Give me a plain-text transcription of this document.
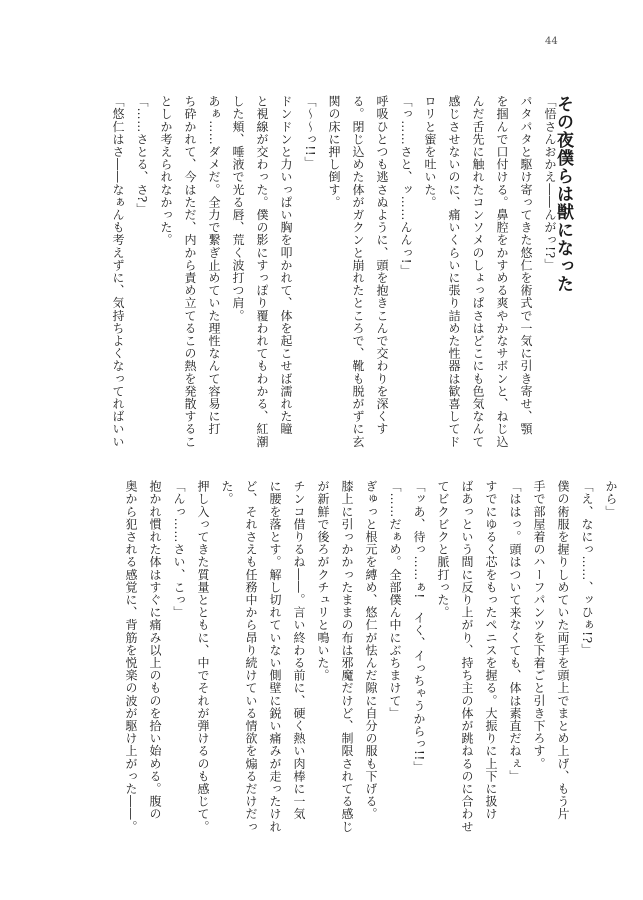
44
その夜僕らは獣になった
「悟さんおかえ――んがっ!?」
パタパタと駆け寄ってきた悠仁を術式で一気に引き寄せ、顎
を掴んで口付ける。鼻腔をかすめる爽やかなサボンと、ねじ込
んだ舌先に触れたコンソメのしょっぱさはどこにも色気なんて
感じさせないのに、痛いくらいに張り詰めた性器は歓喜してド
ロリと蜜を吐いた。
「っ……さと、ッ……んんっ!」
呼吸ひとつも逃さぬように、頭を抱きこんで交わりを深くす
る。閉じ込めた体がガクンと崩れたところで、靴も脱がずに玄
関の床に押し倒す。
「～～っ!!」
ドンドンと力いっぱい胸を叩かれて、体を起こせば濡れた瞳
と視線が交わった。僕の影にすっぽり覆われてもわかる、紅潮
した頬、唾液で光る唇、荒く波打つ肩。
あぁ……ダメだ。全力で繋ぎ止めていた理性なんて容易に打
ち砕かれて、今はただ、内から責め立てるこの熱を発散するこ
としか考えられなかった。
「……さとる、さ?」
「悠仁はさ――なぁんも考えずに、気持ちよくなってればいい
から」
「え、なにっ……、ッひぁ!?」
僕の術服を握りしめていた両手を頭上でまとめ上げ、もう片
手で部屋着のハーフパンツを下着ごと引き下ろす。
「ははっ。頭はついて来なくても、体は素直だねぇ」
すでにゆるく芯をもったペニスを握る。大振りに上下に扱け
ばあっという間に反り上がり、持ち主の体が跳ねるのに合わせ
てビクビクと脈打った。
「ッあ、待っ……ぁ!　イく、イっちゃうからっ!!」
「……だぁめ。全部僕ん中にぶちまけて」
ぎゅっと根元を縛め、悠仁が怯んだ隙に自分の服も下げる。
膝上に引っかかったままの布は邪魔だけど、制限されてる感じ
が新鮮で後ろがクチュリと鳴いた。
チンコ借りるね――。言い終わる前に、硬く熱い肉棒に一気
に腰を落とす。解し切れていない側壁に鋭い痛みが走ったけれ
ど、それさえも任務中から昂り続けている情欲を煽るだけだっ
た。
押し入ってきた質量とともに、中でそれが弾けるのも感じて。
「んっ……さい、こっ」
抱かれ慣れた体はすぐに痛み以上のものを拾い始める。腹の
奥から犯される感覚に、背筋を悦楽の波が駆け上がった――。
